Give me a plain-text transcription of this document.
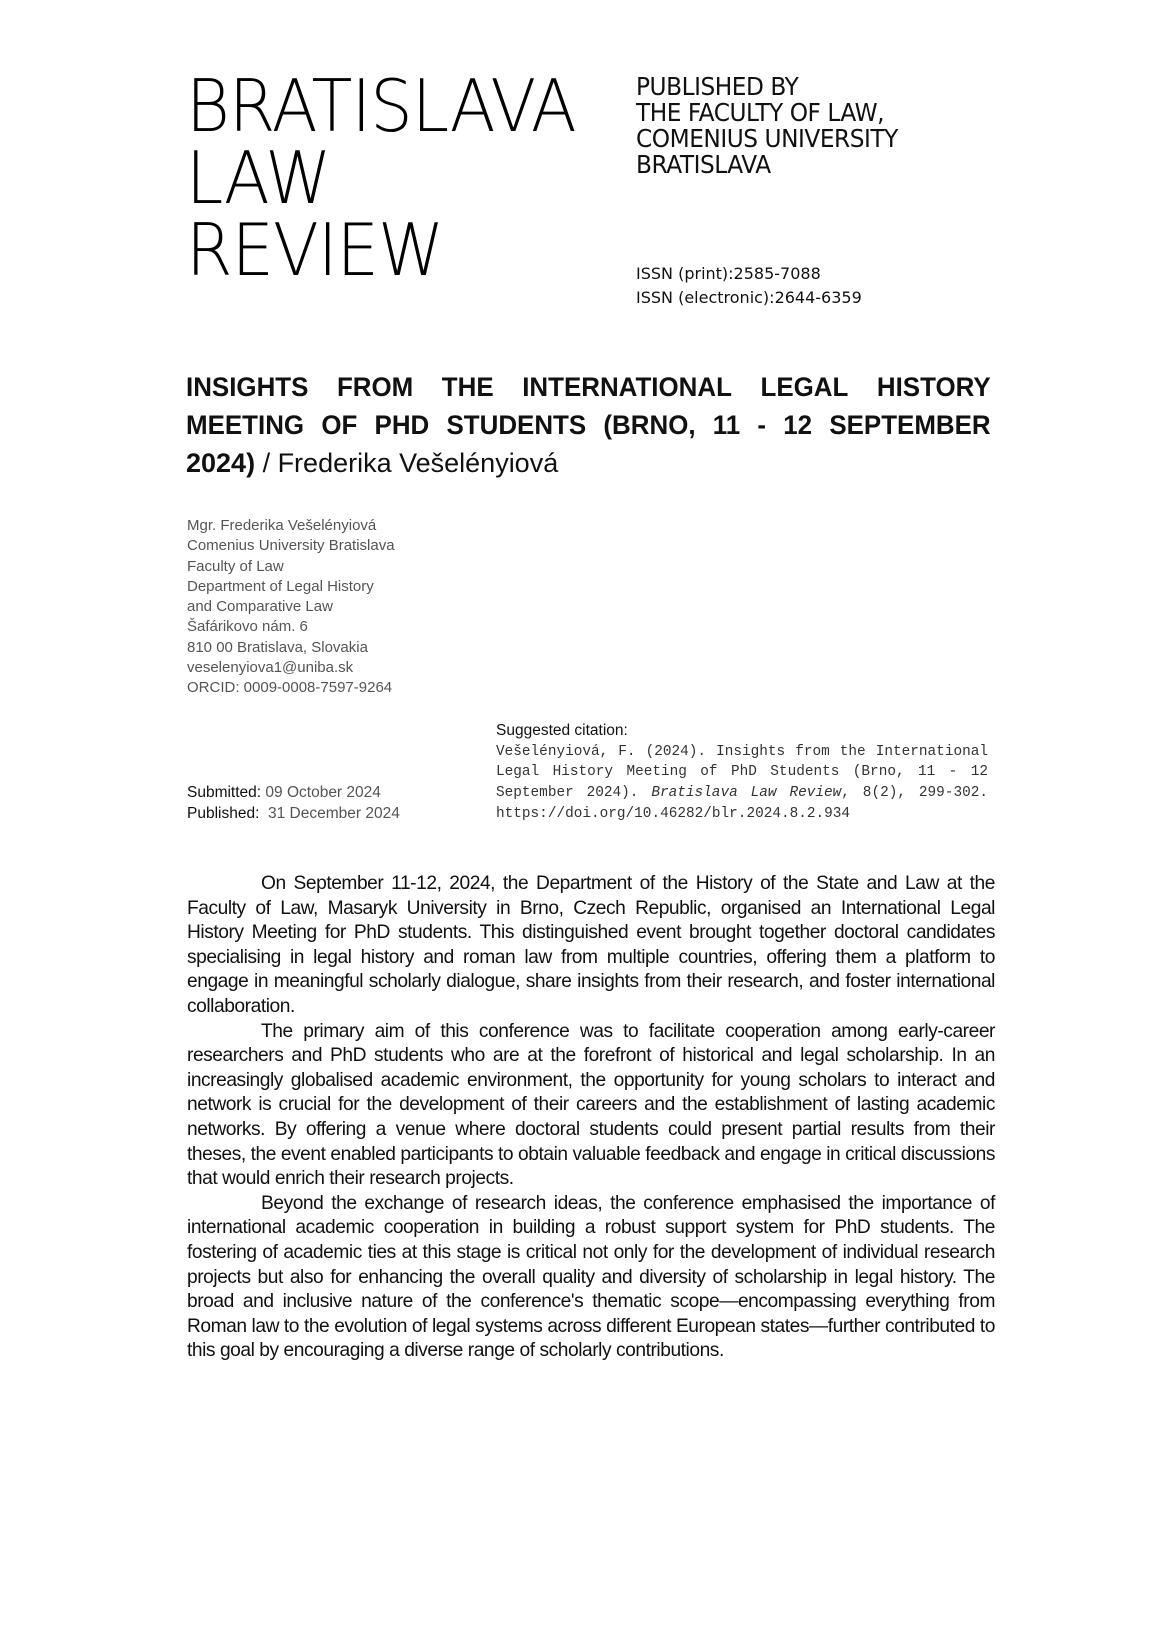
BRATISLAVA
LAW
REVIEW
PUBLISHED BY
THE FACULTY OF LAW,
COMENIUS UNIVERSITY
BRATISLAVA
ISSN (print):2585-7088
ISSN (electronic):2644-6359
INSIGHTS FROM THE INTERNATIONAL LEGAL HISTORY
MEETING OF PHD STUDENTS (BRNO, 11 - 12 SEPTEMBER
2024) / Frederika Vešelényiová
Mgr. Frederika Vešelényiová
Comenius University Bratislava
Faculty of Law
Department of Legal History
and Comparative Law
Šafárikovo nám. 6
810 00 Bratislava, Slovakia
veselenyiova1@uniba.sk
ORCID: 0009-0008-7597-9264
Submitted: 09 October 2024
Published:  31 December 2024
Suggested citation:
Vešelényiová, F. (2024). Insights from the International Legal History Meeting of PhD Students (Brno, 11 - 12 September 2024). Bratislava Law Review, 8(2), 299-302. https://doi.org/10.46282/blr.2024.8.2.934

On September 11-12, 2024, the Department of the History of the State and Law at the Faculty of Law, Masaryk University in Brno, Czech Republic, organised an International Legal History Meeting for PhD students. This distinguished event brought together doctoral candidates specialising in legal history and roman law from multiple countries, offering them a platform to engage in meaningful scholarly dialogue, share insights from their research, and foster international collaboration.

The primary aim of this conference was to facilitate cooperation among early-career researchers and PhD students who are at the forefront of historical and legal scholarship. In an increasingly globalised academic environment, the opportunity for young scholars to interact and network is crucial for the development of their careers and the establishment of lasting academic networks. By offering a venue where doctoral students could present partial results from their theses, the event enabled participants to obtain valuable feedback and engage in critical discussions that would enrich their research projects.

Beyond the exchange of research ideas, the conference emphasised the importance of international academic cooperation in building a robust support system for PhD students. The fostering of academic ties at this stage is critical not only for the development of individual research projects but also for enhancing the overall quality and diversity of scholarship in legal history. The broad and inclusive nature of the conference's thematic scope—encompassing everything from Roman law to the evolution of legal systems across different European states—further contributed to this goal by encouraging a diverse range of scholarly contributions.
